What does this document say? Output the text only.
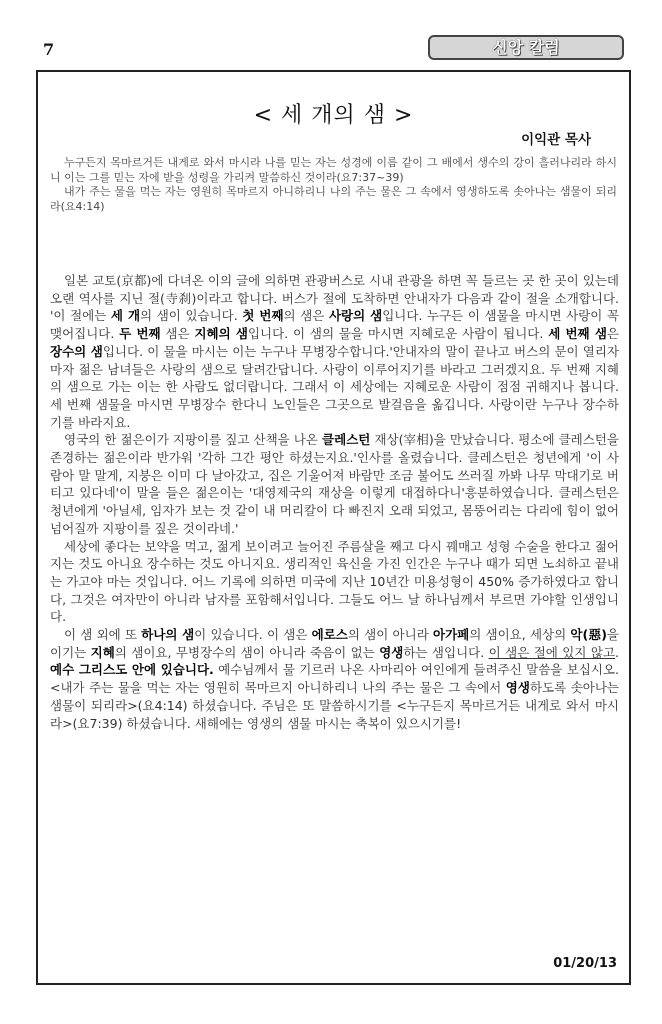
7	신앙 칼럼
< 세 개의 샘 >
이익관 목사

누구든지 목마르거든 내게로 와서 마시라 나를 믿는 자는 성경에 이름 같이 그 배에서 생수의 강이 흘러나리라 하시니 이는 그를 믿는 자에 받을 성령을 가리켜 말씀하신 것이라(요7:37~39)

내가 주는 물을 먹는 자는 영원히 목마르지 아니하리니 나의 주는 물은 그 속에서 영생하도록 솟아나는 샘물이 되리라(요4:14)

일본 교토(京都)에 다녀온 이의 글에 의하면 관광버스로 시내 관광을 하면 꼭 들르는 곳 한 곳이 있는데 오랜 역사를 지닌 절(寺刹)이라고 합니다. 버스가 절에 도착하면 안내자가 다음과 같이 절을 소개합니다. '이 절에는 세 개의 샘이 있습니다. 첫 번째의 샘은 사랑의 샘입니다. 누구든 이 샘물을 마시면 사랑이 꼭 맺어집니다. 두 번째 샘은 지혜의 샘입니다. 이 샘의 물을 마시면 지혜로운 사람이 됩니다. 세 번째 샘은 장수의 샘입니다. 이 물을 마시는 이는 누구나 무병장수합니다.'안내자의 말이 끝나고 버스의 문이 열리자마자 젊은 남녀들은 사랑의 샘으로 달려간답니다. 사랑이 이루어지기를 바라고 그러겠지요. 두 번째 지혜의 샘으로 가는 이는 한 사람도 없더랍니다. 그래서 이 세상에는 지혜로운 사람이 점점 귀해지나 봅니다. 세 번째 샘물을 마시면 무병장수 한다니 노인들은 그곳으로 발걸음을 옮깁니다. 사랑이란 누구나 장수하기를 바라지요.

영국의 한 젊은이가 지팡이를 짚고 산책을 나온 클레스턴 재상(宰相)을 만났습니다. 평소에 클레스턴을 존경하는 젊은이라 반가워 '각하 그간 평안 하셨는지요.'인사를 올렸습니다. 클레스턴은 청년에게 '이 사람아 말 말게, 지붕은 이미 다 날아갔고, 집은 기울어져 바람만 조금 불어도 쓰러질 까봐 나무 막대기로 버티고 있다네'이 말을 들은 젊은이는 '대영제국의 재상을 이렇게 대접하다니'흥분하였습니다. 클레스턴은 청년에게 '아닐세, 임자가 보는 것 같이 내 머리칼이 다 빠진지 오래 되었고, 몸뚱어리는 다리에 힘이 없어 넘어질까 지팡이를 짚은 것이라네.'

세상에 좋다는 보약을 먹고, 젊게 보이려고 늘어진 주름살을 째고 다시 꿰매고 성형 수술을 한다고 젊어지는 것도 아니요 장수하는 것도 아니지요. 생리적인 육신을 가진 인간은 누구나 때가 되면 노쇠하고 끝내는 가고야 마는 것입니다. 어느 기록에 의하면 미국에 지난 10년간 미용성형이 450% 증가하였다고 합니다, 그것은 여자만이 아니라 남자를 포함해서입니다. 그들도 어느 날 하나님께서 부르면 가야할 인생입니다.

이 샘 외에 또 하나의 샘이 있습니다. 이 샘은 에로스의 샘이 아니라 아가페의 샘이요, 세상의 악(惡)을 이기는 지혜의 샘이요, 무병장수의 샘이 아니라 죽음이 없는 영생하는 샘입니다. 이 샘은 절에 있지 않고. 예수 그리스도 안에 있습니다. 예수님께서 물 기르러 나온 사마리아 여인에게 들려주신 말씀을 보십시오. <내가 주는 물을 먹는 자는 영원히 목마르지 아니하리니 나의 주는 물은 그 속에서 영생하도록 솟아나는 샘물이 되리라>(요4:14) 하셨습니다. 주님은 또 말씀하시기를 <누구든지 목마르거든 내게로 와서 마시라>(요7:39) 하셨습니다. 새해에는 영생의 샘물 마시는 축복이 있으시기를!

01/20/13
